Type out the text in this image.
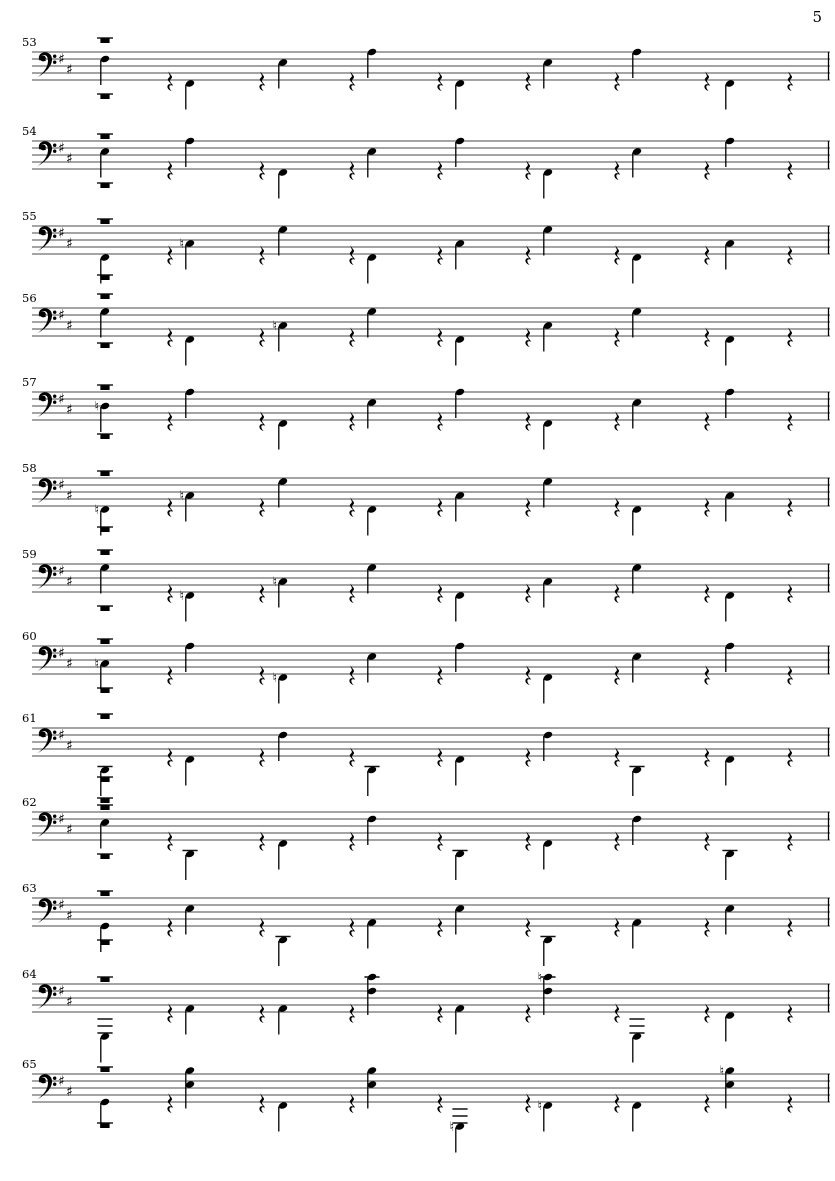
5
53
♯
♯
54
♯
♯
55
♯
♯	♮
56
♯
♯	♮
57
♯
♯ ♮
58
♯
♯
♮
♮
59
♯
♯
♮
♮
60
♯
♯ ♮
♮
61
♯
♯
62
♯
♯
63
♯
♯
64
♯
♯
♮
65
♯
♯
♮
♮
♮
